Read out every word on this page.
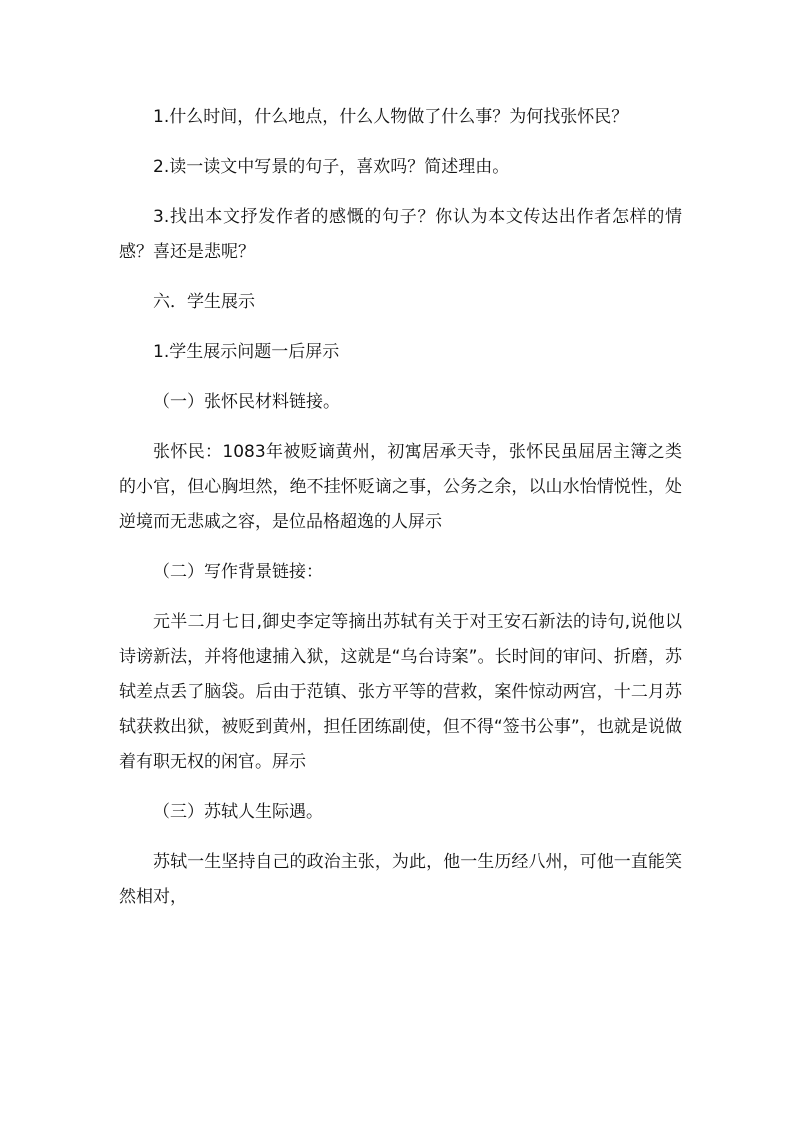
1.什么时间，什么地点，什么人物做了什么事？为何找张怀民？

2.读一读文中写景的句子，喜欢吗？简述理由。

3.找出本文抒发作者的感慨的句子？你认为本文传达出作者怎样的情感？喜还是悲呢？

六．学生展示

1.学生展示问题一后屏示

（一）张怀民材料链接。

张怀民：1083年被贬谪黄州，初寓居承天寺，张怀民虽屈居主簿之类的小官，但心胸坦然，绝不挂怀贬谪之事，公务之余，以山水怡情悦性，处逆境而无悲戚之容，是位品格超逸的人屏示

（二）写作背景链接：

元半二月七日,御史李定等摘出苏轼有关于对王安石新法的诗句,说他以诗谤新法，并将他逮捕入狱，这就是“乌台诗案”。长时间的审问、折磨，苏轼差点丢了脑袋。后由于范镇、张方平等的营救，案件惊动两宫，十二月苏轼获救出狱，被贬到黄州，担任团练副使，但不得“签书公事”，也就是说做着有职无权的闲官。屏示

（三）苏轼人生际遇。

苏轼一生坚持自己的政治主张，为此，他一生历经八州，可他一直能笑然相对，
